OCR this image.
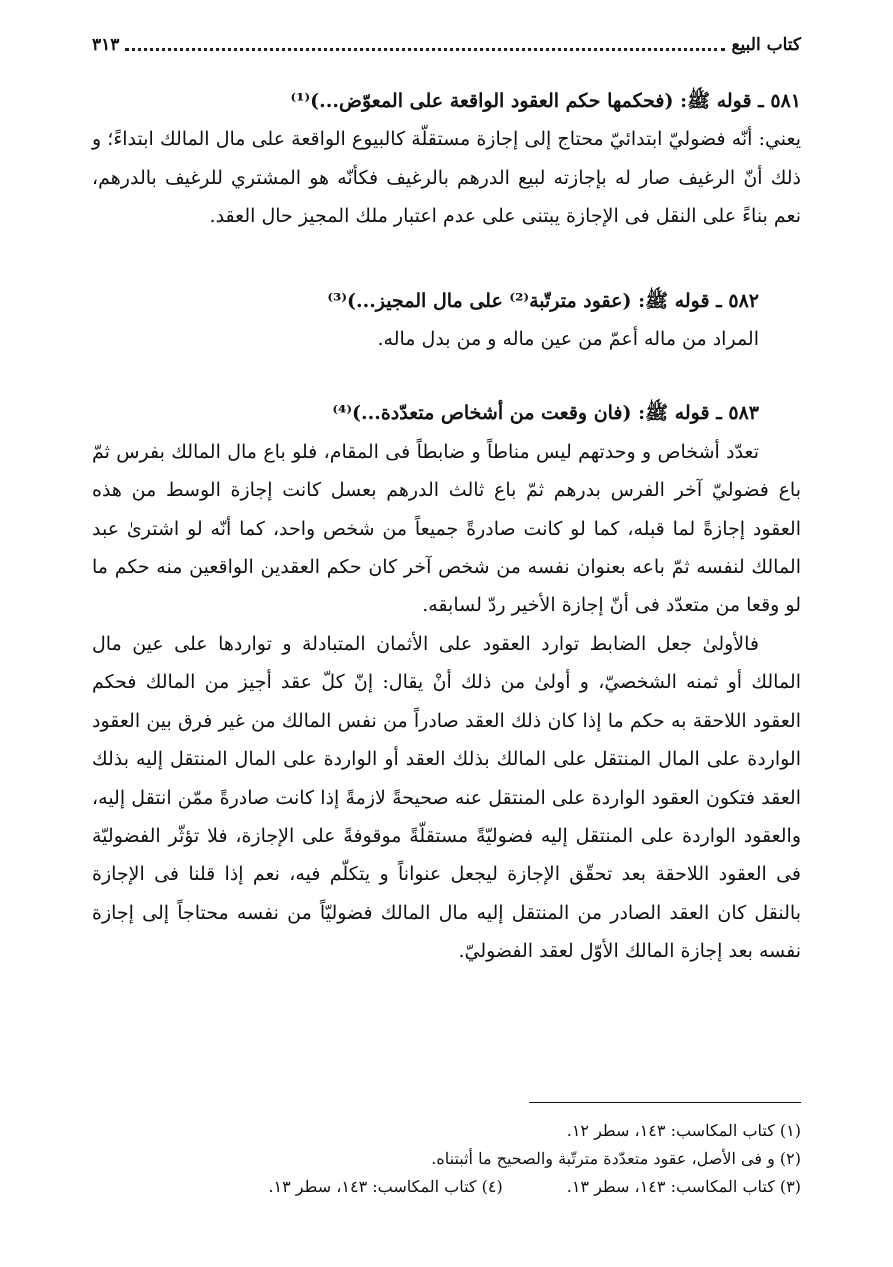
كتاب البيع
٣١٣

٥٨١ ـ قوله ﷺ: (فحكمها حكم العقود الواقعة على المعوّض...)⁽¹⁾

يعني: أنّه فضوليّ ابتدائيّ محتاج إلى إجازة مستقلّة كالبيوع الواقعة على مال المالك ابتداءً؛ و ذلك أنّ الرغيف صار له بإجازته لبيع الدرهم بالرغيف فكأنّه هو المشتري للرغيف بالدرهم، نعم بناءً على النقل فى الإجازة يبتنى على عدم اعتبار ملك المجيز حال العقد.

٥٨٢ ـ قوله ﷺ: (عقود مترتّبة⁽²⁾ على مال المجيز...)⁽³⁾

المراد من ماله أعمّ من عين ماله و من بدل ماله.

٥٨٣ ـ قوله ﷺ: (فان وقعت من أشخاص متعدّدة...)⁽⁴⁾

تعدّد أشخاص و وحدتهم ليس مناطاً و ضابطاً فى المقام، فلو باع مال المالك بفرس ثمّ باع فضوليّ آخر الفرس بدرهم ثمّ باع ثالث الدرهم بعسل كانت إجازة الوسط من هذه العقود إجازةً لما قبله، كما لو كانت صادرةً جميعاً من شخص واحد، كما أنّه لو اشترىٰ عبد المالك لنفسه ثمّ باعه بعنوان نفسه من شخص آخر كان حكم العقدين الواقعين منه حكم ما لو وقعا من متعدّد فى أنّ إجازة الأخير ردّ لسابقه.

فالأولىٰ جعل الضابط توارد العقود على الأثمان المتبادلة و تواردها على عين مال المالك أو ثمنه الشخصيّ، و أولىٰ من ذلك أنْ يقال: إنّ كلّ عقد أجيز من المالك فحكم العقود اللاحقة به حكم ما إذا كان ذلك العقد صادراً من نفس المالك من غير فرق بين العقود الواردة على المال المنتقل على المالك بذلك العقد أو الواردة على المال المنتقل إليه بذلك العقد فتكون العقود الواردة على المنتقل عنه صحيحةً لازمةً إذا كانت صادرةً ممّن انتقل إليه، والعقود الواردة على المنتقل إليه فضوليّةً مستقلّةً موقوفةً على الإجازة، فلا تؤثّر الفضوليّة فى العقود اللاحقة بعد تحقّق الإجازة ليجعل عنواناً و يتكلّم فيه، نعم إذا قلنا فى الإجازة بالنقل كان العقد الصادر من المنتقل إليه مال المالك فضوليّاً من نفسه محتاجاً إلى إجازة نفسه بعد إجازة المالك الأوّل لعقد الفضوليّ.

(١) كتاب المكاسب: ١٤٣، سطر ١٢.

(٢) و فى الأصل، عقود متعدّدة مترتّبة والصحيح ما أثبتناه.

(٣) كتاب المكاسب: ١٤٣، سطر ١٣.

(٤) كتاب المكاسب: ١٤٣، سطر ١٣.
